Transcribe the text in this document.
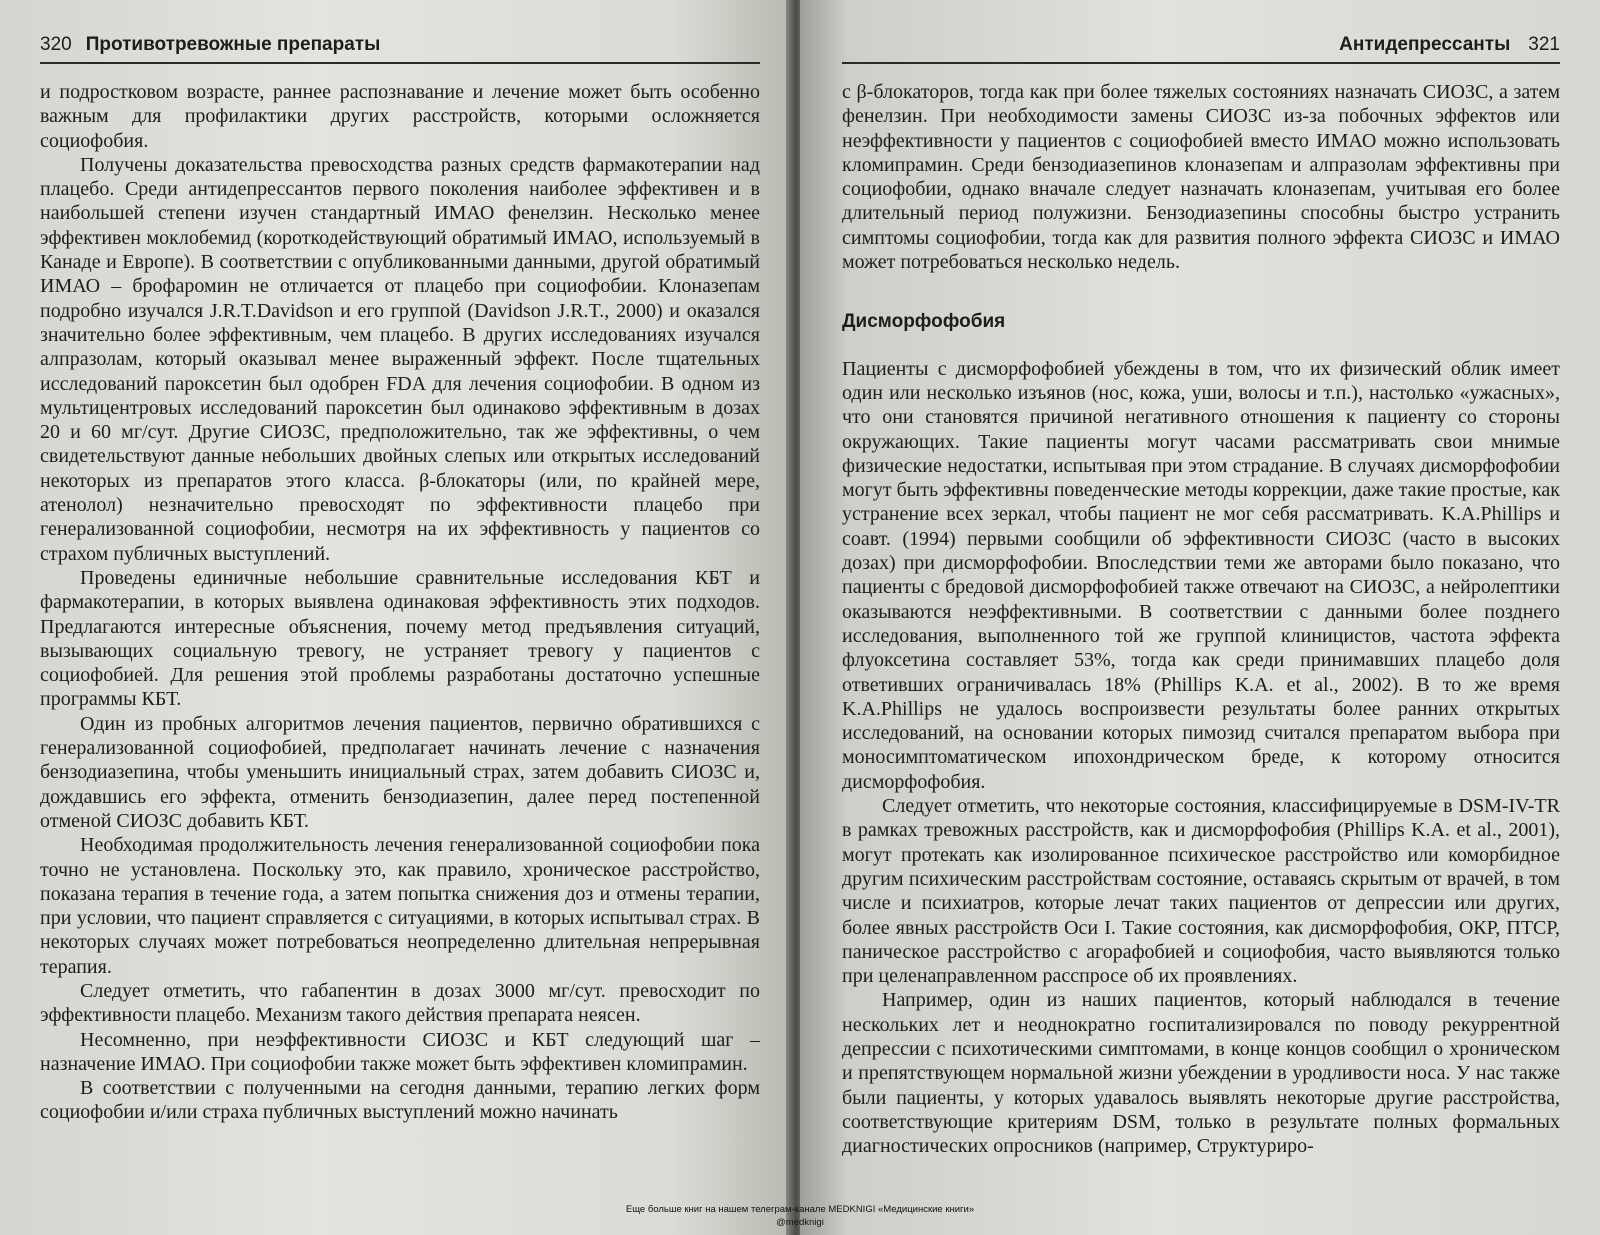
320 Противотревожные препараты

и подростковом возрасте, раннее распознавание и лечение может быть особенно важным для профилактики других расстройств, которыми осложняется социофобия.

Получены доказательства превосходства разных средств фармакотерапии над плацебо. Среди антидепрессантов первого поколения наиболее эффективен и в наибольшей степени изучен стандартный ИМАО фенелзин. Несколько менее эффективен моклобемид (короткодействующий обратимый ИМАО, используемый в Канаде и Европе). В соответствии с опубликованными данными, другой обратимый ИМАО – брофаромин не отличается от плацебо при социофобии. Клоназепам подробно изучался J.R.T.Davidson и его группой (Davidson J.R.T., 2000) и оказался значительно более эффективным, чем плацебо. В других исследованиях изучался алпразолам, который оказывал менее выраженный эффект. После тщательных исследований пароксетин был одобрен FDA для лечения социофобии. В одном из мультицентровых исследований пароксетин был одинаково эффективным в дозах 20 и 60 мг/сут. Другие СИОЗС, предположительно, так же эффективны, о чем свидетельствуют данные небольших двойных слепых или открытых исследований некоторых из препаратов этого класса. β-блокаторы (или, по крайней мере, атенолол) незначительно превосходят по эффективности плацебо при генерализованной социофобии, несмотря на их эффективность у пациентов со страхом публичных выступлений.

Проведены единичные небольшие сравнительные исследования КБТ и фармакотерапии, в которых выявлена одинаковая эффективность этих подходов. Предлагаются интересные объяснения, почему метод предъявления ситуаций, вызывающих социальную тревогу, не устраняет тревогу у пациентов с социофобией. Для решения этой проблемы разработаны достаточно успешные программы КБТ.

Один из пробных алгоритмов лечения пациентов, первично обратившихся с генерализованной социофобией, предполагает начинать лечение с назначения бензодиазепина, чтобы уменьшить инициальный страх, затем добавить СИОЗС и, дождавшись его эффекта, отменить бензодиазепин, далее перед постепенной отменой СИОЗС добавить КБТ.

Необходимая продолжительность лечения генерализованной социофобии пока точно не установлена. Поскольку это, как правило, хроническое расстройство, показана терапия в течение года, а затем попытка снижения доз и отмены терапии, при условии, что пациент справляется с ситуациями, в которых испытывал страх. В некоторых случаях может потребоваться неопределенно длительная непрерывная терапия.

Следует отметить, что габапентин в дозах 3000 мг/сут. превосходит по эффективности плацебо. Механизм такого действия препарата неясен.

Несомненно, при неэффективности СИОЗС и КБТ следующий шаг – назначение ИМАО. При социофобии также может быть эффективен кломипрамин.

В соответствии с полученными на сегодня данными, терапию легких форм социофобии и/или страха публичных выступлений можно начинать

Антидепрессанты 321

с β-блокаторов, тогда как при более тяжелых состояниях назначать СИОЗС, а затем фенелзин. При необходимости замены СИОЗС из-за побочных эффектов или неэффективности у пациентов с социофобией вместо ИМАО можно использовать кломипрамин. Среди бензодиазепинов клоназепам и алпразолам эффективны при социофобии, однако вначале следует назначать клоназепам, учитывая его более длительный период полужизни. Бензодиазепины способны быстро устранить симптомы социофобии, тогда как для развития полного эффекта СИОЗС и ИМАО может потребоваться несколько недель.

Дисморфофобия

Пациенты с дисморфофобией убеждены в том, что их физический облик имеет один или несколько изъянов (нос, кожа, уши, волосы и т.п.), настолько «ужасных», что они становятся причиной негативного отношения к пациенту со стороны окружающих. Такие пациенты могут часами рассматривать свои мнимые физические недостатки, испытывая при этом страдание. В случаях дисморфофобии могут быть эффективны поведенческие методы коррекции, даже такие простые, как устранение всех зеркал, чтобы пациент не мог себя рассматривать. K.A.Phillips и соавт. (1994) первыми сообщили об эффективности СИОЗС (часто в высоких дозах) при дисморфофобии. Впоследствии теми же авторами было показано, что пациенты с бредовой дисморфофобией также отвечают на СИОЗС, а нейролептики оказываются неэффективными. В соответствии с данными более позднего исследования, выполненного той же группой клиницистов, частота эффекта флуоксетина составляет 53%, тогда как среди принимавших плацебо доля ответивших ограничивалась 18% (Phillips K.A. et al., 2002). В то же время K.A.Phillips не удалось воспроизвести результаты более ранних открытых исследований, на основании которых пимозид считался препаратом выбора при моносимптоматическом ипохондрическом бреде, к которому относится дисморфофобия.

Следует отметить, что некоторые состояния, классифицируемые в DSM-IV-TR в рамках тревожных расстройств, как и дисморфофобия (Phillips K.A. et al., 2001), могут протекать как изолированное психическое расстройство или коморбидное другим психическим расстройствам состояние, оставаясь скрытым от врачей, в том числе и психиатров, которые лечат таких пациентов от депрессии или других, более явных расстройств Оси I. Такие состояния, как дисморфофобия, ОКР, ПТСР, паническое расстройство с агорафобией и социофобия, часто выявляются только при целенаправленном расспросе об их проявлениях.

Например, один из наших пациентов, который наблюдался в течение нескольких лет и неоднократно госпитализировался по поводу рекуррентной депрессии с психотическими симптомами, в конце концов сообщил о хроническом и препятствующем нормальной жизни убеждении в уродливости носа. У нас также были пациенты, у которых удавалось выявлять некоторые другие расстройства, соответствующие критериям DSM, только в результате полных формальных диагностических опросников (например, Структуриро-

Еще больше книг на нашем телеграм-канале MEDKNIGI «Медицинские книги»
@medknigi
